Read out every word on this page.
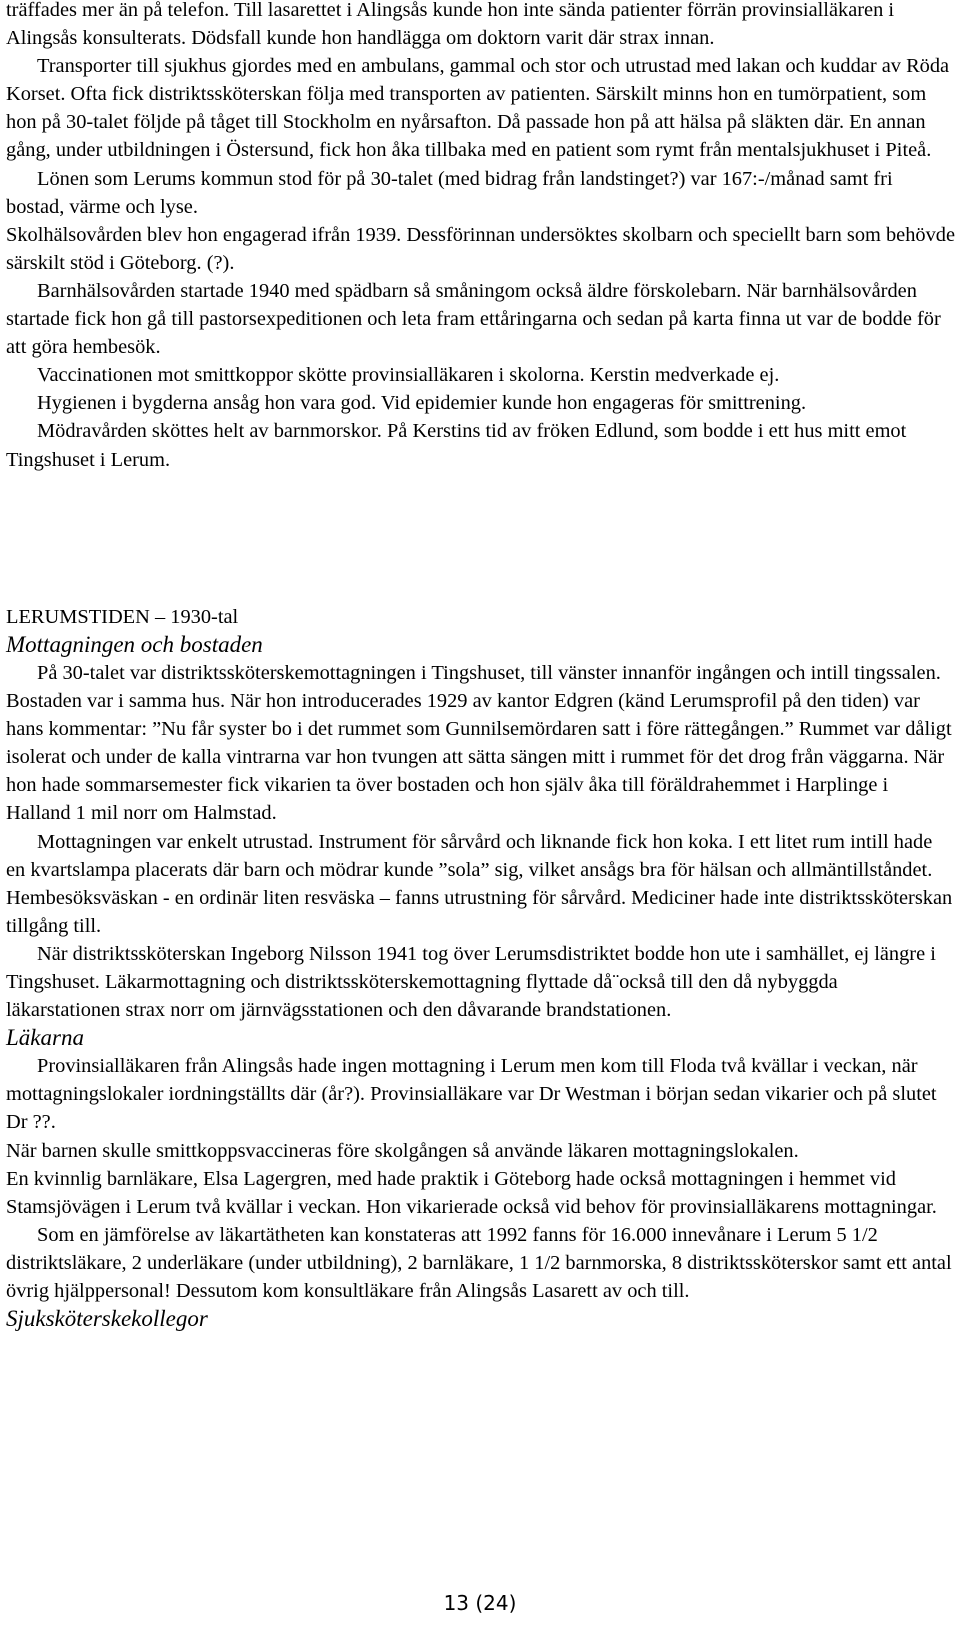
träffades mer än på telefon. Till lasarettet i Alingsås kunde hon inte sända patienter förrän provinsialläkaren i Alingsås konsulterats. Dödsfall kunde hon handlägga om doktorn varit där strax innan.

Transporter till sjukhus gjordes med en ambulans, gammal och stor och utrustad med lakan och kuddar av Röda Korset. Ofta fick distriktssköterskan följa med transporten av patienten. Särskilt minns hon en tumörpatient, som hon på 30-talet följde på tåget till Stockholm en nyårsafton. Då passade hon på att hälsa på släkten där. En annan gång, under utbildningen i Östersund, fick hon åka tillbaka med en patient som rymt från mentalsjukhuset i Piteå.

Lönen som Lerums kommun stod för på 30-talet (med bidrag från landstinget?) var 167:-/månad samt fri bostad, värme och lyse.

Skolhälsovården blev hon engagerad ifrån 1939. Dessförinnan undersöktes skolbarn och speciellt barn som behövde särskilt stöd i Göteborg. (?).

Barnhälsovården startade 1940 med spädbarn så småningom också äldre förskolebarn. När barnhälsovården startade fick hon gå till pastorsexpeditionen och leta fram ettåringarna och sedan på karta finna ut var de bodde för att göra hembesök.

Vaccinationen mot smittkoppor skötte provinsialläkaren i skolorna. Kerstin medverkade ej.

Hygienen i bygderna ansåg hon vara god. Vid epidemier kunde hon engageras för smittrening.

Mödravården sköttes helt av barnmorskor. På Kerstins tid av fröken Edlund, som bodde i ett hus mitt emot Tingshuset i Lerum.

LERUMSTIDEN – 1930-tal

Mottagningen och bostaden

På 30-talet var distriktssköterskemottagningen i Tingshuset, till vänster innanför ingången och intill tingssalen. Bostaden var i samma hus. När hon introducerades 1929 av kantor Edgren (känd Lerumsprofil på den tiden) var hans kommentar: ”Nu får syster bo i det rummet som Gunnilsemördaren satt i före rättegången.” Rummet var dåligt isolerat och under de kalla vintrarna var hon tvungen att sätta sängen mitt i rummet för det drog från väggarna. När hon hade sommarsemester fick vikarien ta över bostaden och hon själv åka till föräldrahemmet i Harplinge i Halland 1 mil norr om Halmstad.

Mottagningen var enkelt utrustad. Instrument för sårvård och liknande fick hon koka. I ett litet rum intill hade en kvartslampa placerats där barn och mödrar kunde ”sola” sig, vilket ansågs bra för hälsan och allmäntillståndet. Hembesöksväskan - en ordinär liten resväska – fanns utrustning för sårvård. Mediciner hade inte distriktssköterskan tillgång till.

När distriktssköterskan Ingeborg Nilsson 1941 tog över Lerumsdistriktet bodde hon ute i samhället, ej längre i Tingshuset. Läkarmottagning och distriktssköterskemottagning flyttade då¨också till den då nybyggda läkarstationen strax norr om järnvägsstationen och den dåvarande brandstationen.

Läkarna

Provinsialläkaren från Alingsås hade ingen mottagning i Lerum men kom till Floda två kvällar i veckan, när mottagningslokaler iordningställts där (år?). Provinsialläkare var Dr Westman i början sedan vikarier och på slutet Dr ??.

När barnen skulle smittkoppsvaccineras före skolgången så använde läkaren mottagningslokalen.

En kvinnlig barnläkare, Elsa Lagergren, med hade praktik i Göteborg hade också mottagningen i hemmet vid Stamsjövägen i Lerum två kvällar i veckan. Hon vikarierade också vid behov för provinsialläkarens mottagningar.

Som en jämförelse av läkartätheten kan konstateras att 1992 fanns för 16.000 innevånare i Lerum 5 1/2 distriktsläkare, 2 underläkare (under utbildning), 2 barnläkare, 1 1/2 barnmorska, 8 distriktssköterskor samt ett antal övrig hjälppersonal! Dessutom kom konsultläkare från Alingsås Lasarett av och till.

Sjuksköterskekollegor

13 (24)
